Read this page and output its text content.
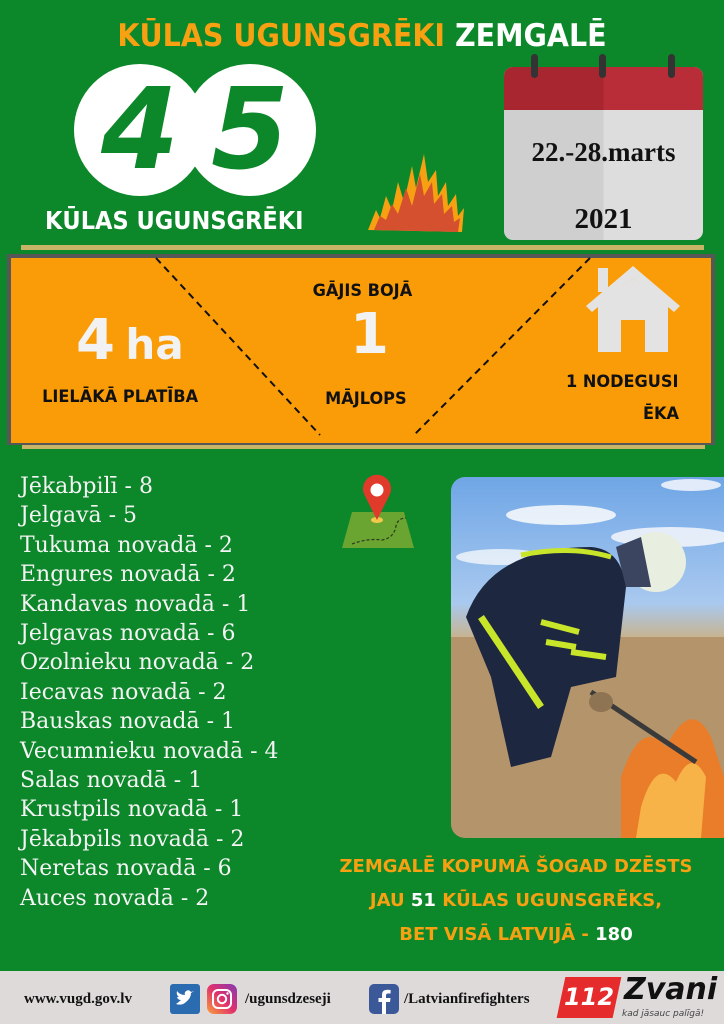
KŪLAS UGUNSGRĒKI ZEMGALĒ
4 5
KŪLAS UGUNSGRĒKI
22.-28.marts
2021
4 ha
LIELĀKĀ PLATĪBA
GĀJIS BOJĀ
1
MĀJLOPS
1 NODEGUSI
ĒKA
Jēkabpilī - 8
Jelgavā - 5
Tukuma novadā - 2
Engures novadā - 2
Kandavas novadā - 1
Jelgavas novadā - 6
Ozolnieku novadā - 2
Iecavas novadā - 2
Bauskas novadā - 1
Vecumnieku novadā - 4
Salas novadā - 1
Krustpils novadā - 1
Jēkabpils novadā - 2
Neretas novadā - 6
Auces novadā - 2
ZEMGALĒ KOPUMĀ ŠOGAD DZĒSTS
JAU 51 KŪLAS UGUNSGRĒKS,
BET VISĀ LATVIJĀ - 180
www.vugd.gov.lv	/ugunsdzeseji	/Latvianfirefighters 112 Zvani
kad jāsauc palīgā!
